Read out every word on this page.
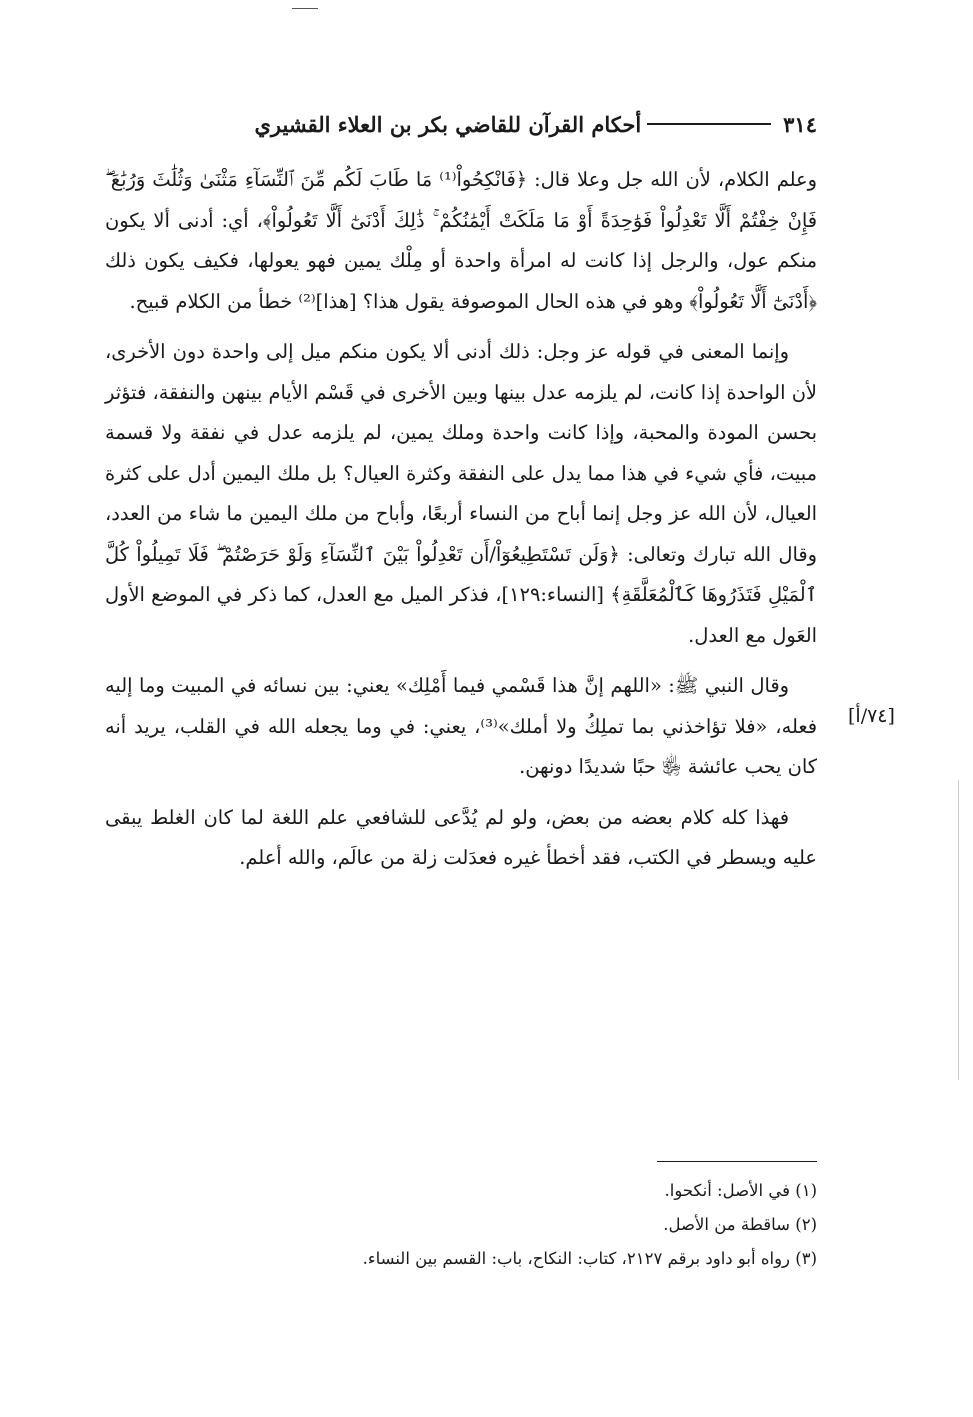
٣١٤
أحكام القرآن للقاضي بكر بن العلاء القشيري

وعلم الكلام، لأن الله جل وعلا قال: ﴿فَانْكِحُواْ⁽¹⁾ مَا طَابَ لَكُم مِّنَ ٱلنِّسَآءِ مَثْنَىٰ وَثُلَٰثَ وَرُبَٰعَ ۖ فَإِنْ خِفْتُمْ أَلَّا تَعْدِلُواْ فَوَٰحِدَةً أَوْ مَا مَلَكَتْ أَيْمَٰنُكُمْ ۚ ذَٰلِكَ أَدْنَىٰٓ أَلَّا تَعُولُواْ﴾، أي: أدنى ألا يكون منكم عول، والرجل إذا كانت له امرأة واحدة أو مِلْك يمين فهو يعولها، فكيف يكون ذلك ﴿أَدْنَىٰٓ أَلَّا تَعُولُواْ﴾ وهو في هذه الحال الموصوفة يقول هذا؟ [هذا]⁽²⁾ خطأ من الكلام قبيح.

وإنما المعنى في قوله عز وجل: ذلك أدنى ألا يكون منكم ميل إلى واحدة دون الأخرى، لأن الواحدة إذا كانت، لم يلزمه عدل بينها وبين الأخرى في قَسْم الأيام بينهن والنفقة، فتؤثر بحسن المودة والمحبة، وإذا كانت واحدة وملك يمين، لم يلزمه عدل في نفقة ولا قسمة مبيت، فأي شيء في هذا مما يدل على النفقة وكثرة العيال؟ بل ملك اليمين أدل على كثرة العيال، لأن الله عز وجل إنما أباح من النساء أربعًا، وأباح من ملك اليمين ما شاء من العدد، وقال الله تبارك وتعالى: ﴿وَلَن تَسْتَطِيعُوٓاْ/أَن تَعْدِلُواْ بَيْنَ ٱلنِّسَآءِ وَلَوْ حَرَصْتُمْ ۖ فَلَا تَمِيلُواْ كُلَّ ٱلْمَيْلِ فَتَذَرُوهَا كَٱلْمُعَلَّقَةِ﴾ [النساء:١٢٩]، فذكر الميل مع العدل، كما ذكر في الموضع الأول العَول مع العدل.

وقال النبي ﷺ: «اللهم إنَّ هذا قَسْمي فيما أَمْلِك» يعني: بين نسائه في المبيت وما إليه فعله، «فلا تؤاخذني بما تملِكُ ولا أملك»⁽³⁾، يعني: في وما يجعله الله في القلب، يريد أنه كان يحب عائشة ﵂ حبًا شديدًا دونهن.

فهذا كله كلام بعضه من بعض، ولو لم يُدَّعى للشافعي علم اللغة لما كان الغلط يبقى عليه ويسطر في الكتب، فقد أخطأ غيره فعدَلت زلة من عالَم، والله أعلم.

[٧٤/أ]

(١) في الأصل: أنكحوا.

(٢) ساقطة من الأصل.

(٣) رواه أبو داود برقم ٢١٢٧، كتاب: النكاح، باب: القسم بين النساء.
